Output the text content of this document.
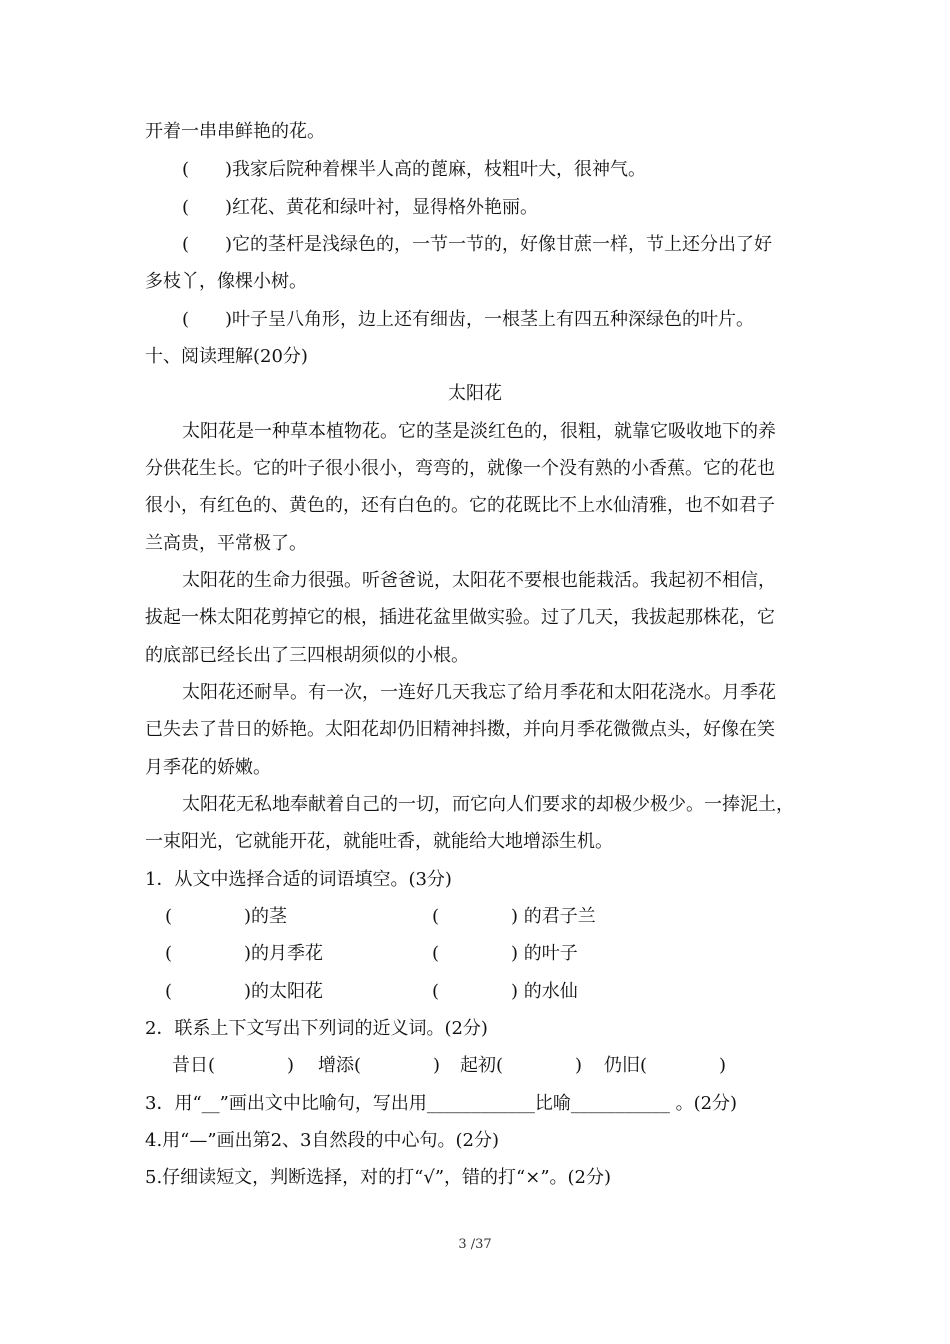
开着一串串鲜艳的花。
(　　)我家后院种着棵半人高的蓖麻，枝粗叶大，很神气。
(　　)红花、黄花和绿叶衬，显得格外艳丽。
(　　)它的茎杆是浅绿色的，一节一节的，好像甘蔗一样，节上还分出了好
多枝丫，像棵小树。
(　　)叶子呈八角形，边上还有细齿，一根茎上有四五种深绿色的叶片。
十、阅读理解(20分)
太阳花
太阳花是一种草本植物花。它的茎是淡红色的，很粗，就靠它吸收地下的养
分供花生长。它的叶子很小很小，弯弯的，就像一个没有熟的小香蕉。它的花也
很小，有红色的、黄色的，还有白色的。它的花既比不上水仙清雅，也不如君子
兰高贵，平常极了。
太阳花的生命力很强。听爸爸说，太阳花不要根也能栽活。我起初不相信，
拔起一株太阳花剪掉它的根，插进花盆里做实验。过了几天，我拔起那株花，它
的底部已经长出了三四根胡须似的小根。
太阳花还耐旱。有一次，一连好几天我忘了给月季花和太阳花浇水。月季花
已失去了昔日的娇艳。太阳花却仍旧精神抖擞，并向月季花微微点头，好像在笑
月季花的娇嫩。
太阳花无私地奉献着自己的一切，而它向人们要求的却极少极少。一捧泥土，
一束阳光，它就能开花，就能吐香，就能给大地增添生机。
1．从文中选择合适的词语填空。(3分)
(　　　　)的茎	(　　　　) 的君子兰
(　　　　)的月季花	(　　　　) 的叶子
(　　　　)的太阳花	(　　　　) 的水仙
2．联系上下文写出下列词的近义词。(2分)
昔日(　　　　) 增添(　　　　) 起初(　　　　) 仍旧(　　　　)
3．用“__”画出文中比喻句，写出用____________比喻___________ 。(2分)
4.用“—”画出第2、3自然段的中心句。(2分)
5.仔细读短文，判断选择，对的打“√”，错的打“×”。(2分)
3 /37
